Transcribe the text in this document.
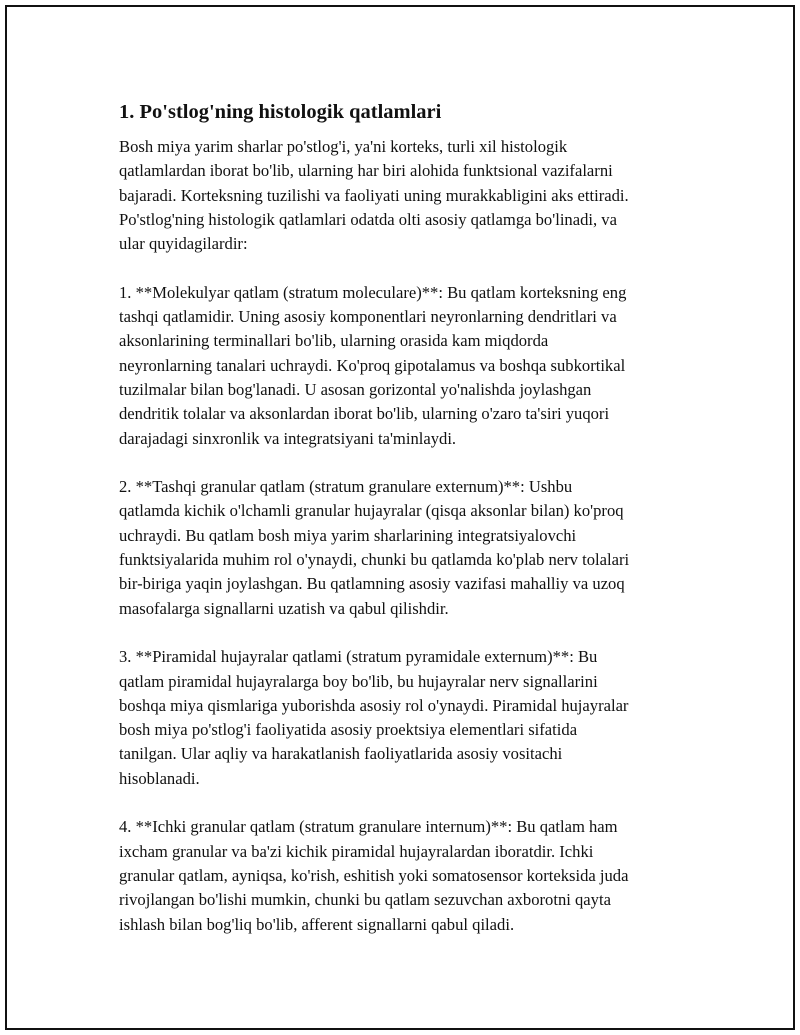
1. Po'stlog'ning histologik qatlamlari

Bosh miya yarim sharlar po'stlog'i, ya'ni korteks, turli xil histologik
qatlamlardan iborat bo'lib, ularning har biri alohida funktsional vazifalarni
bajaradi. Korteksning tuzilishi va faoliyati uning murakkabligini aks ettiradi.
Po'stlog'ning histologik qatlamlari odatda olti asosiy qatlamga bo'linadi, va
ular quyidagilardir:

1. **Molekulyar qatlam (stratum moleculare)**: Bu qatlam korteksning eng
tashqi qatlamidir. Uning asosiy komponentlari neyronlarning dendritlari va
aksonlarining terminallari bo'lib, ularning orasida kam miqdorda
neyronlarning tanalari uchraydi. Ko'proq gipotalamus va boshqa subkortikal
tuzilmalar bilan bog'lanadi. U asosan gorizontal yo'nalishda joylashgan
dendritik tolalar va aksonlardan iborat bo'lib, ularning o'zaro ta'siri yuqori
darajadagi sinxronlik va integratsiyani ta'minlaydi.

2. **Tashqi granular qatlam (stratum granulare externum)**: Ushbu
qatlamda kichik o'lchamli granular hujayralar (qisqa aksonlar bilan) ko'proq
uchraydi. Bu qatlam bosh miya yarim sharlarining integratsiyalovchi
funktsiyalarida muhim rol o'ynaydi, chunki bu qatlamda ko'plab nerv tolalari
bir-biriga yaqin joylashgan. Bu qatlamning asosiy vazifasi mahalliy va uzoq
masofalarga signallarni uzatish va qabul qilishdir.

3. **Piramidal hujayralar qatlami (stratum pyramidale externum)**: Bu
qatlam piramidal hujayralarga boy bo'lib, bu hujayralar nerv signallarini
boshqa miya qismlariga yuborishda asosiy rol o'ynaydi. Piramidal hujayralar
bosh miya po'stlog'i faoliyatida asosiy proektsiya elementlari sifatida
tanilgan. Ular aqliy va harakatlanish faoliyatlarida asosiy vositachi
hisoblanadi.

4. **Ichki granular qatlam (stratum granulare internum)**: Bu qatlam ham
ixcham granular va ba'zi kichik piramidal hujayralardan iboratdir. Ichki
granular qatlam, ayniqsa, ko'rish, eshitish yoki somatosensor korteksida juda
rivojlangan bo'lishi mumkin, chunki bu qatlam sezuvchan axborotni qayta
ishlash bilan bog'liq bo'lib, afferent signallarni qabul qiladi.
